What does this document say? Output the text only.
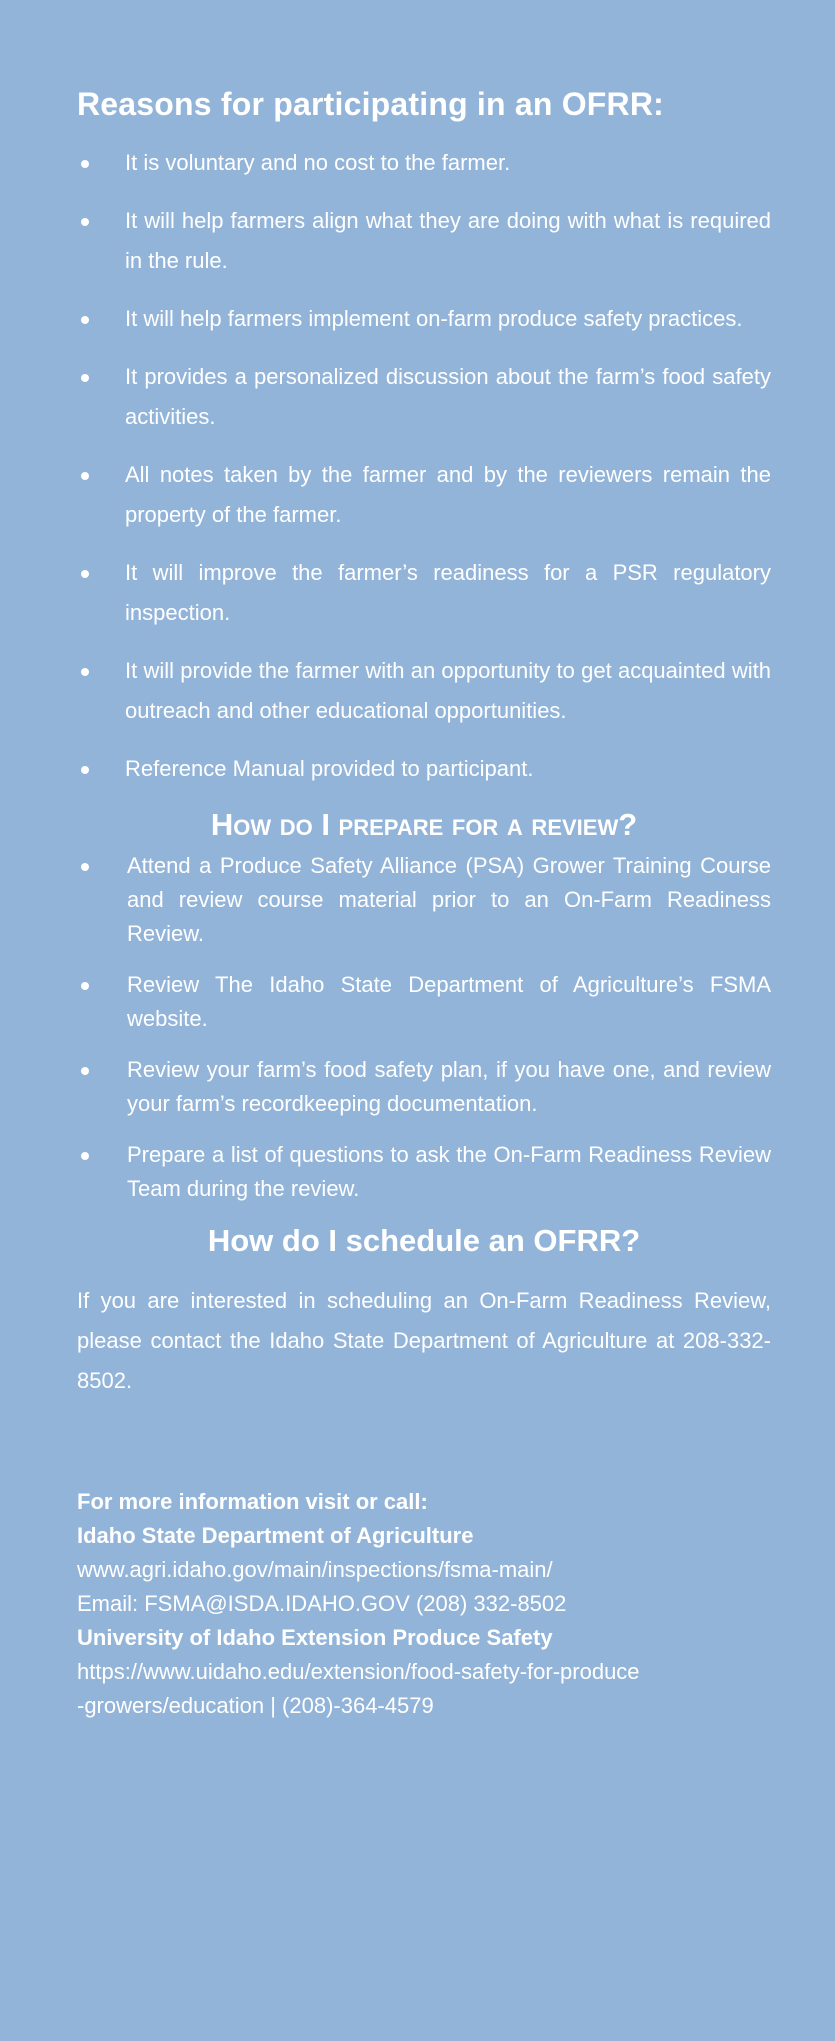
Reasons for participating in an OFRR:
It is voluntary and no cost to the farmer.
It will help farmers align what they are doing with what is required in the rule.
It will help farmers implement on-farm produce safety practices.
It provides a personalized discussion about the farm’s food safety activities.
All notes taken by the farmer and by the reviewers remain the property of the farmer.
It will improve the farmer’s readiness for a PSR regulatory inspection.
It will provide the farmer with an opportunity to get acquainted with outreach and other educational opportunities.
Reference Manual provided to participant.
How do I prepare for a review?
Attend a Produce Safety Alliance (PSA) Grower Training Course and review course material prior to an On-Farm Readiness Review.
Review The Idaho State Department of Agriculture’s FSMA website.
Review your farm’s food safety plan, if you have one, and review your farm’s recordkeeping documentation.
Prepare a list of questions to ask the On-Farm Readiness Review Team during the review.
How do I schedule an OFRR?

If you are interested in scheduling an On-Farm Readiness Review, please contact the Idaho State Department of Agriculture at 208-332-8502.

For more information visit or call:
Idaho State Department of Agriculture
www.agri.idaho.gov/main/inspections/fsma-main/
Email: FSMA@ISDA.IDAHO.GOV (208) 332-8502
University of Idaho Extension Produce Safety
https://www.uidaho.edu/extension/food-safety-for-produce
-growers/education | (208)-364-4579
